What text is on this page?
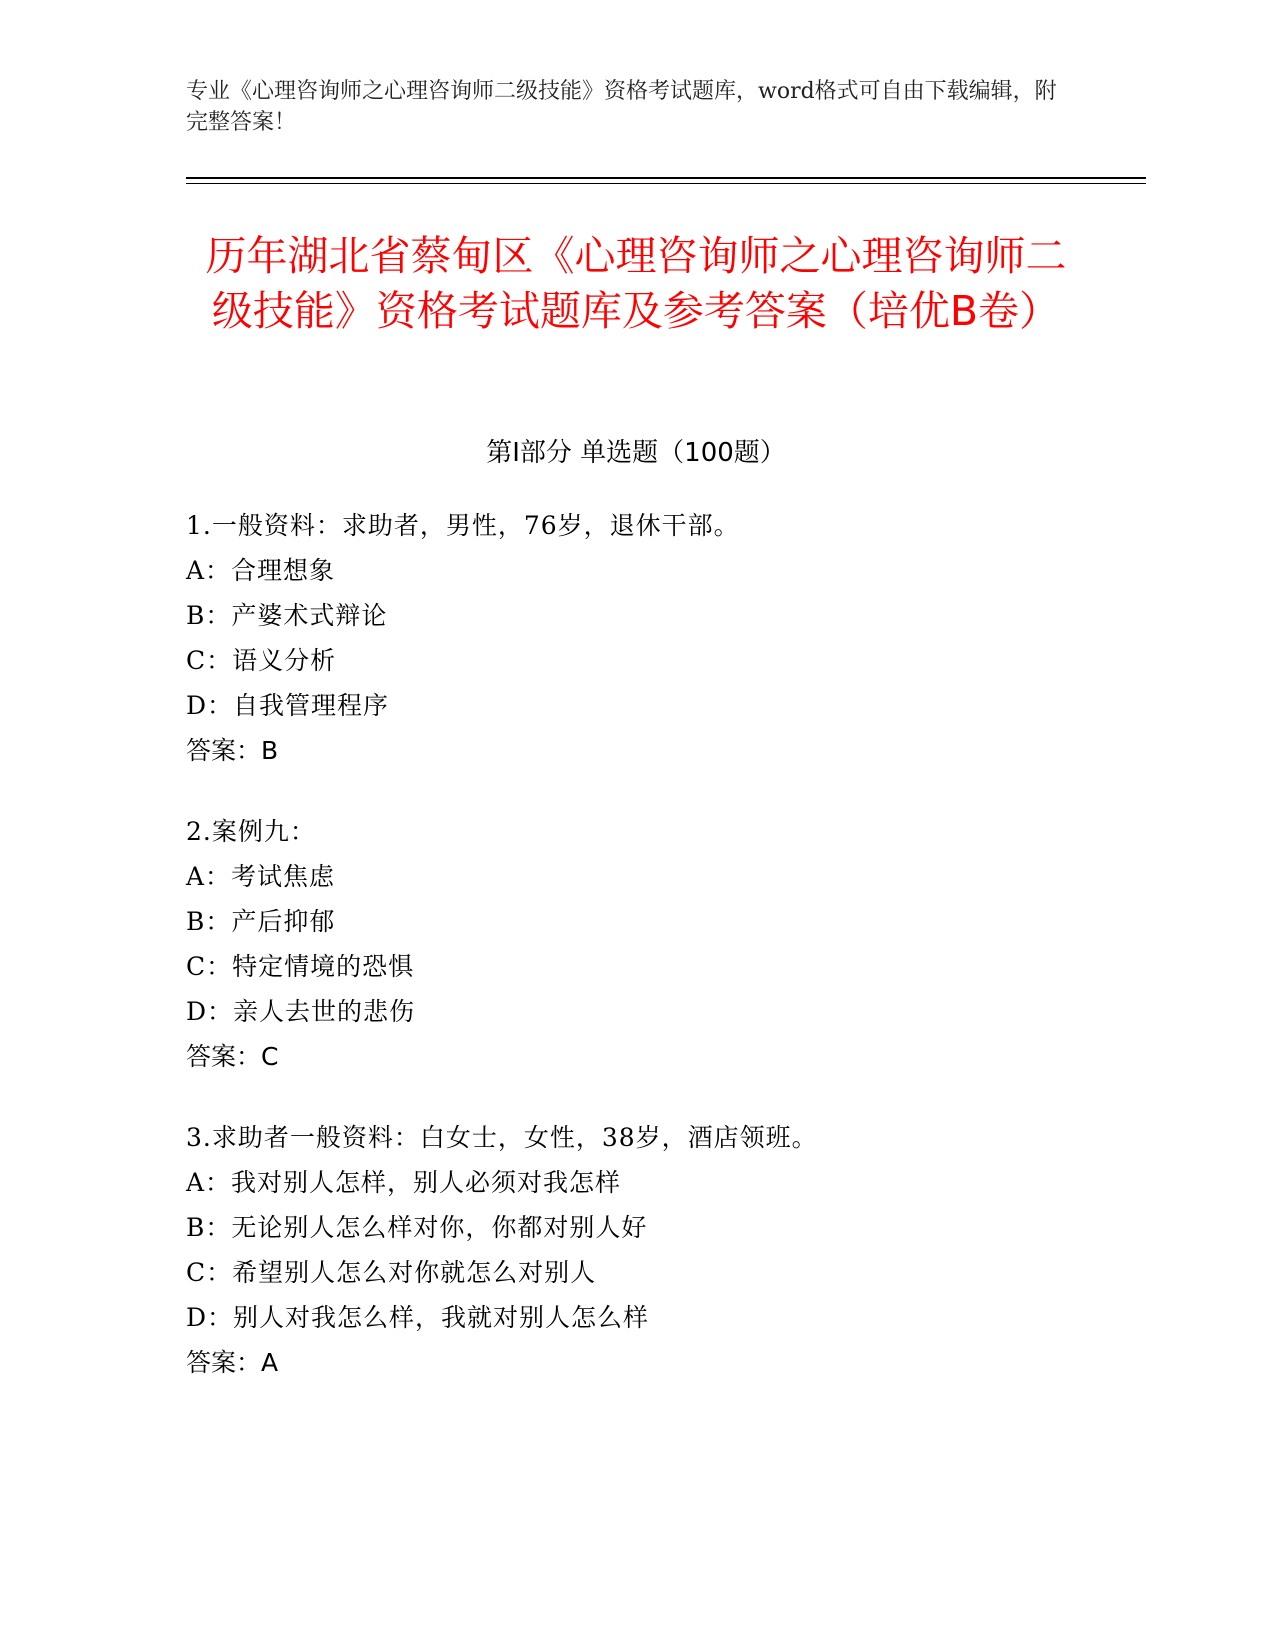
专业《心理咨询师之心理咨询师二级技能》资格考试题库，word格式可自由下载编辑，附完整答案！
历年湖北省蔡甸区《心理咨询师之心理咨询师二级技能》资格考试题库及参考答案（培优B卷）
第Ⅰ部分 单选题（100题）
1.一般资料：求助者，男性，76岁，退休干部。
A：合理想象
B：产婆术式辩论
C：语义分析
D：自我管理程序
答案：B
2.案例九：
A：考试焦虑
B：产后抑郁
C：特定情境的恐惧
D：亲人去世的悲伤
答案：C
3.求助者一般资料：白女士，女性，38岁，酒店领班。
A：我对别人怎样，别人必须对我怎样
B：无论别人怎么样对你，你都对别人好
C：希望别人怎么对你就怎么对别人
D：别人对我怎么样，我就对别人怎么样
答案：A
